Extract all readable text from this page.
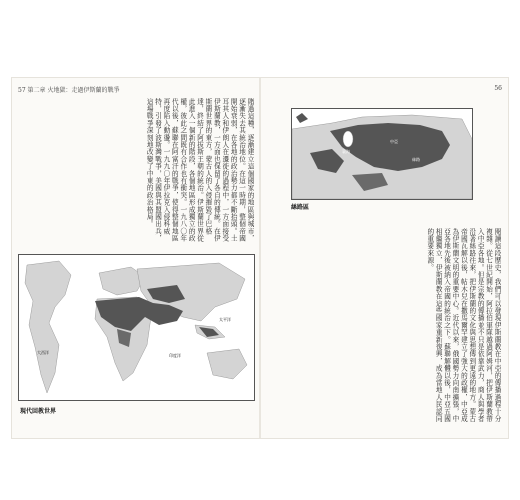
57 第二章 火地獄：走過伊斯蘭的戰爭

賭過這種，逐漸建立這個國家的地區與城市，逐漸失去其統治地位。在這一時期，整個帝國開始衰弱，在各地的政治勢力都不斷抬頭。土耳其人和伊朗人在遷徙的過程中，一方面接受伊斯蘭教，一方面也保留了各自的傳統。在伊斯蘭世界的東方，蒙古人的入侵摧毀了巴格達，終結了阿拔斯王朝的統治。伊斯蘭世界從此進入一個新的階段，各個地區形成獨立的政權，彼此之間既有合作也有衝突。一九八〇年代以後，蘇聯在阿富汗的戰爭，使得整個地區再度陷入動盪。一九九〇年伊拉克入侵科威特，引發了波斯灣戰爭，美國與其盟國出兵，這場戰爭深刻地改變了中東的政治格局。

大西洋
印度洋
太平洋
現代回教世界
56
裏海
中亞
絲路
絲路區

閱讀這段歷史，我們可以發現伊斯蘭教在中亞的傳播過程十分複雜。從七世紀開始，阿拉伯軍隊越過阿姆河，把伊斯蘭教帶入中亞各地。但是宗教的傳播並不只是依靠武力，商人與學者沿著絲路往來，把伊斯蘭的文化與思想傳到更遠的地方。蒙古帝國瓦解以後，帖木兒在撒馬爾罕建立了強大的政權，中亞成為伊斯蘭文明的重要中心。近代以來，俄國勢力向南擴張，中亞各地先後被納入帝國的統治之下。蘇聯解體以後，中亞五國相繼獨立，伊斯蘭教在這些國家重新復興，成為當地人民認同的重要來源。
